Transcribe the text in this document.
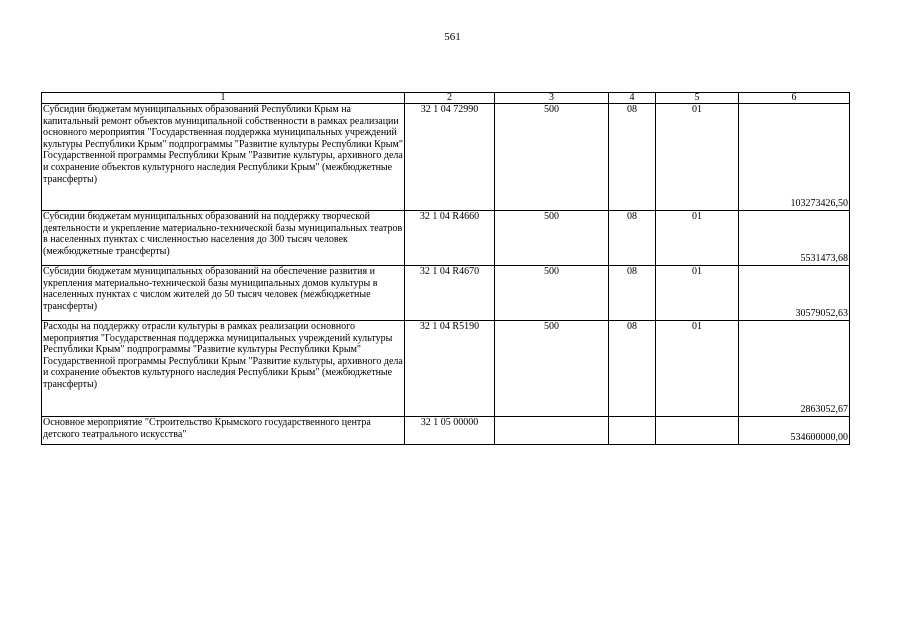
561
1	2	3	4	5	6
Субсидии бюджетам муниципальных образований Республики Крым на капитальный ремонт объектов муниципальной собственности в рамках реализации основного мероприятия "Государственная поддержка муниципальных учреждений культуры Республики Крым" подпрограммы "Развитие культуры Республики Крым" Государственной программы Республики Крым "Развитие культуры, архивного дела и сохранение объектов культурного наследия Республики Крым" (межбюджетные трансферты)	32 1 04 72990	500	08	01	103273426,50
Субсидии бюджетам муниципальных образований на поддержку творческой деятельности и укрепление материально-технической базы муниципальных театров в населенных пунктах с численностью населения до 300 тысяч человек (межбюджетные трансферты)	32 1 04 R4660	500	08	01	5531473,68
Субсидии бюджетам муниципальных образований на обеспечение развития и укрепления материально-технической базы муниципальных домов культуры в населенных пунктах с числом жителей до 50 тысяч человек (межбюджетные трансферты)	32 1 04 R4670	500	08	01	30579052,63
Расходы на поддержку отрасли культуры в рамках реализации основного мероприятия "Государственная поддержка муниципальных учреждений культуры Республики Крым" подпрограммы "Развитие культуры Республики Крым" Государственной программы Республики Крым "Развитие культуры, архивного дела и сохранение объектов культурного наследия Республики Крым" (межбюджетные трансферты)	32 1 04 R5190	500	08	01	2863052,67
Основное мероприятие "Строительство Крымского государственного центра детского театрального искусства"	32 1 05 00000				534600000,00
